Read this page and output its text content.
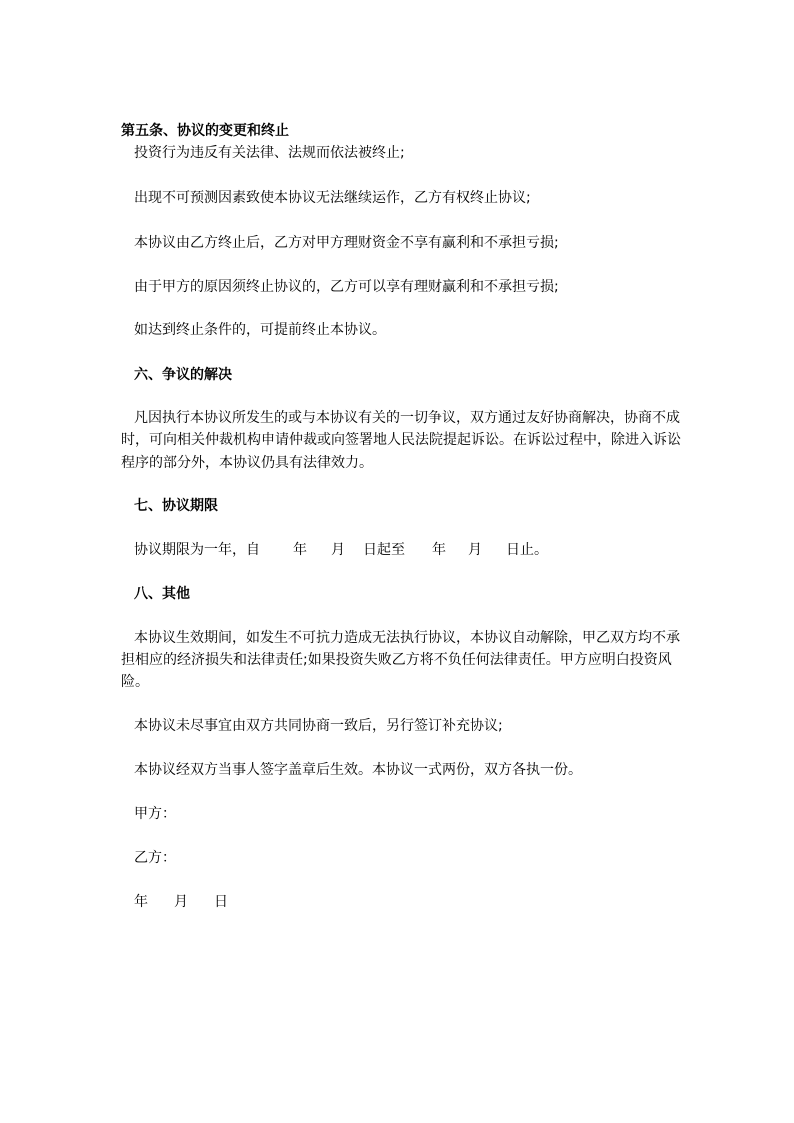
第五条、协议的变更和终止
投资行为违反有关法律、法规而依法被终止;
出现不可预测因素致使本协议无法继续运作，乙方有权终止协议;
本协议由乙方终止后，乙方对甲方理财资金不享有赢利和不承担亏损;
由于甲方的原因须终止协议的，乙方可以享有理财赢利和不承担亏损;
如达到终止条件的，可提前终止本协议。
六、争议的解决
凡因执行本协议所发生的或与本协议有关的一切争议，双方通过友好协商解决，协商不成
时，可向相关仲裁机构申请仲裁或向签署地人民法院提起诉讼。在诉讼过程中，除进入诉讼
程序的部分外，本协议仍具有法律效力。
七、协议期限
协议期限为一年，自 年 月 日起至 年 月 日止。
八、其他
本协议生效期间，如发生不可抗力造成无法执行协议，本协议自动解除，甲乙双方均不承
担相应的经济损失和法律责任;如果投资失败乙方将不负任何法律责任。甲方应明白投资风
险。
本协议未尽事宜由双方共同协商一致后，另行签订补充协议;
本协议经双方当事人签字盖章后生效。本协议一式两份，双方各执一份。
甲方：
乙方：
年 月 日
